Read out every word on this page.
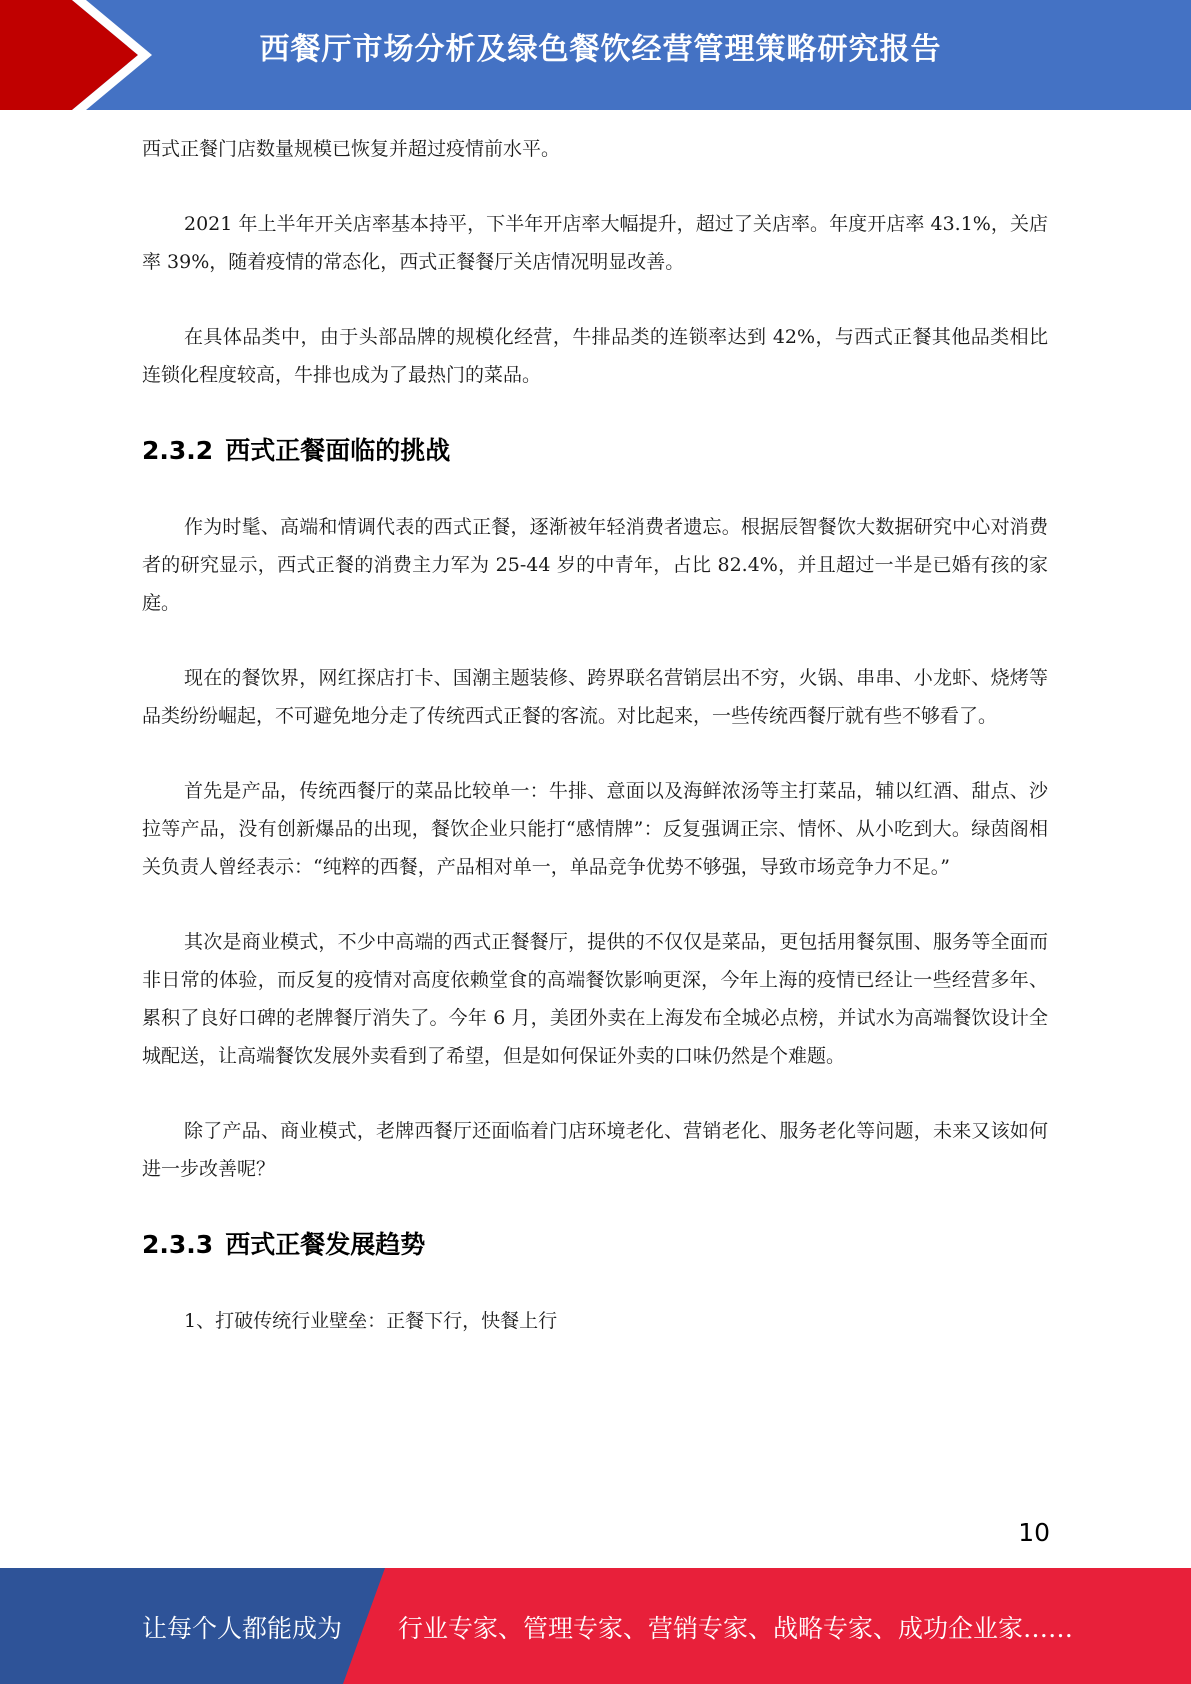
西餐厅市场分析及绿色餐饮经营管理策略研究报告

西式正餐门店数量规模已恢复并超过疫情前水平。

2021 年上半年开关店率基本持平，下半年开店率大幅提升，超过了关店率。年度开店率 43.1%，关店率 39%，随着疫情的常态化，西式正餐餐厅关店情况明显改善。

在具体品类中，由于头部品牌的规模化经营，牛排品类的连锁率达到 42%，与西式正餐其他品类相比连锁化程度较高，牛排也成为了最热门的菜品。

2.3.2 西式正餐面临的挑战

作为时髦、高端和情调代表的西式正餐，逐渐被年轻消费者遗忘。根据辰智餐饮大数据研究中心对消费者的研究显示，西式正餐的消费主力军为 25-44 岁的中青年，占比 82.4%，并且超过一半是已婚有孩的家庭。

现在的餐饮界，网红探店打卡、国潮主题装修、跨界联名营销层出不穷，火锅、串串、小龙虾、烧烤等品类纷纷崛起，不可避免地分走了传统西式正餐的客流。对比起来，一些传统西餐厅就有些不够看了。

首先是产品，传统西餐厅的菜品比较单一：牛排、意面以及海鲜浓汤等主打菜品，辅以红酒、甜点、沙拉等产品，没有创新爆品的出现，餐饮企业只能打“感情牌”：反复强调正宗、情怀、从小吃到大。绿茵阁相关负责人曾经表示：“纯粹的西餐，产品相对单一，单品竞争优势不够强，导致市场竞争力不足。”

其次是商业模式，不少中高端的西式正餐餐厅，提供的不仅仅是菜品，更包括用餐氛围、服务等全面而非日常的体验，而反复的疫情对高度依赖堂食的高端餐饮影响更深，今年上海的疫情已经让一些经营多年、累积了良好口碑的老牌餐厅消失了。今年 6 月，美团外卖在上海发布全城必点榜，并试水为高端餐饮设计全城配送，让高端餐饮发展外卖看到了希望，但是如何保证外卖的口味仍然是个难题。

除了产品、商业模式，老牌西餐厅还面临着门店环境老化、营销老化、服务老化等问题，未来又该如何进一步改善呢？

2.3.3 西式正餐发展趋势

1、打破传统行业壁垒：正餐下行，快餐上行

10
让每个人都能成为 行业专家、管理专家、营销专家、战略专家、成功企业家……
